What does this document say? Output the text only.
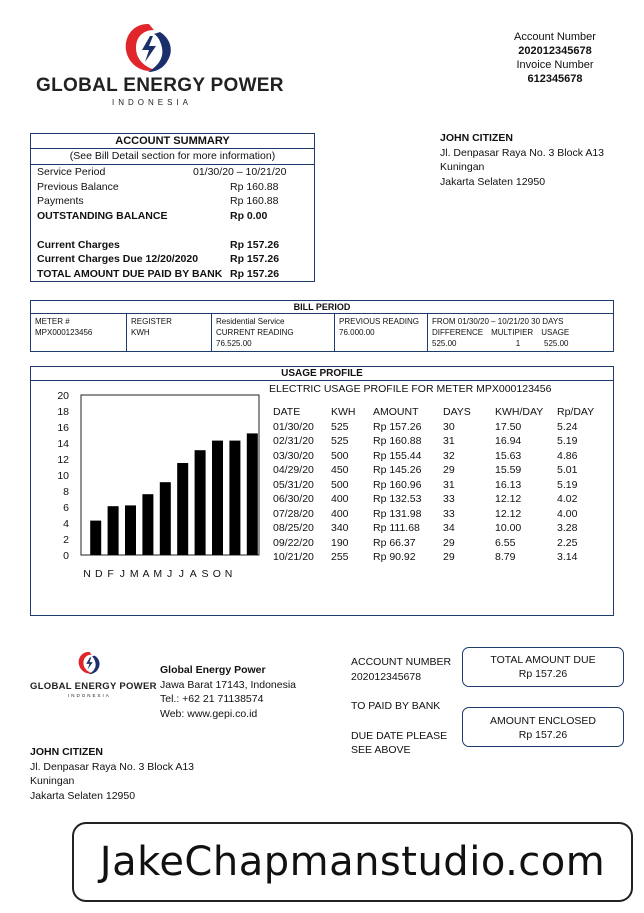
GLOBAL ENERGY POWER
INDONESIA
Account Number
202012345678
Invoice Number
612345678
ACCOUNT SUMMARY
(See Bill Detail section for more information)
Service Period	01/30/20 – 10/21/20
Previous Balance	Rp 160.88
Payments	Rp 160.88
OUTSTANDING BALANCE	Rp 0.00

Current Charges	Rp 157.26
Current Charges Due 12/20/2020	Rp 157.26
TOTAL AMOUNT DUE PAID BY BANK Rp 157.26
JOHN CITIZEN
Jl. Denpasar Raya No. 3 Block A13
Kuningan
Jakarta Selaten 12950
BILL PERIOD
METER #
MPX000123456
REGISTER
KWH
Residential Service
CURRENT READING
76.525.00
PREVIOUS READING
76.000.00
FROM 01/30/20 – 10/21/20 30 DAYS
DIFFERENCE MULTIPIER USAGE
525.00	1	525.00
USAGE PROFILE
0
2
4
6
8
10
12
14
16
18
20
N D F J M A M J J A S O N
ELECTRIC USAGE PROFILE FOR METER MPX000123456
DATE	KWH	AMOUNT	DAYS	KWH/DAY	Rp/DAY
01/30/20	525	Rp 157.26	30	17.50	5.24
02/31/20	525	Rp 160.88	31	16.94	5.19
03/30/20	500	Rp 155.44	32	15.63	4.86
04/29/20	450	Rp 145.26	29	15.59	5.01
05/31/20	500	Rp 160.96	31	16.13	5.19
06/30/20	400	Rp 132.53	33	12.12	4.02
07/28/20	400	Rp 131.98	33	12.12	4.00
08/25/20	340	Rp 111.68	34	10.00	3.28
09/22/20	190	Rp 66.37	29	6.55	2.25
10/21/20	255	Rp 90.92	29	8.79	3.14
GLOBAL ENERGY POWER
INDONESIA
Global Energy Power
Jawa Barat 17143, Indonesia
Tel.: +62 21 71138574
Web: www.gepi.co.id
ACCOUNT NUMBER
202012345678
TO PAID BY BANK
DUE DATE PLEASE
SEE ABOVE
TOTAL AMOUNT DUE
Rp 157.26
AMOUNT ENCLOSED
Rp 157.26
JOHN CITIZEN
Jl. Denpasar Raya No. 3 Block A13
Kuningan
Jakarta Selaten 12950
JakeChapmanstudio.com
